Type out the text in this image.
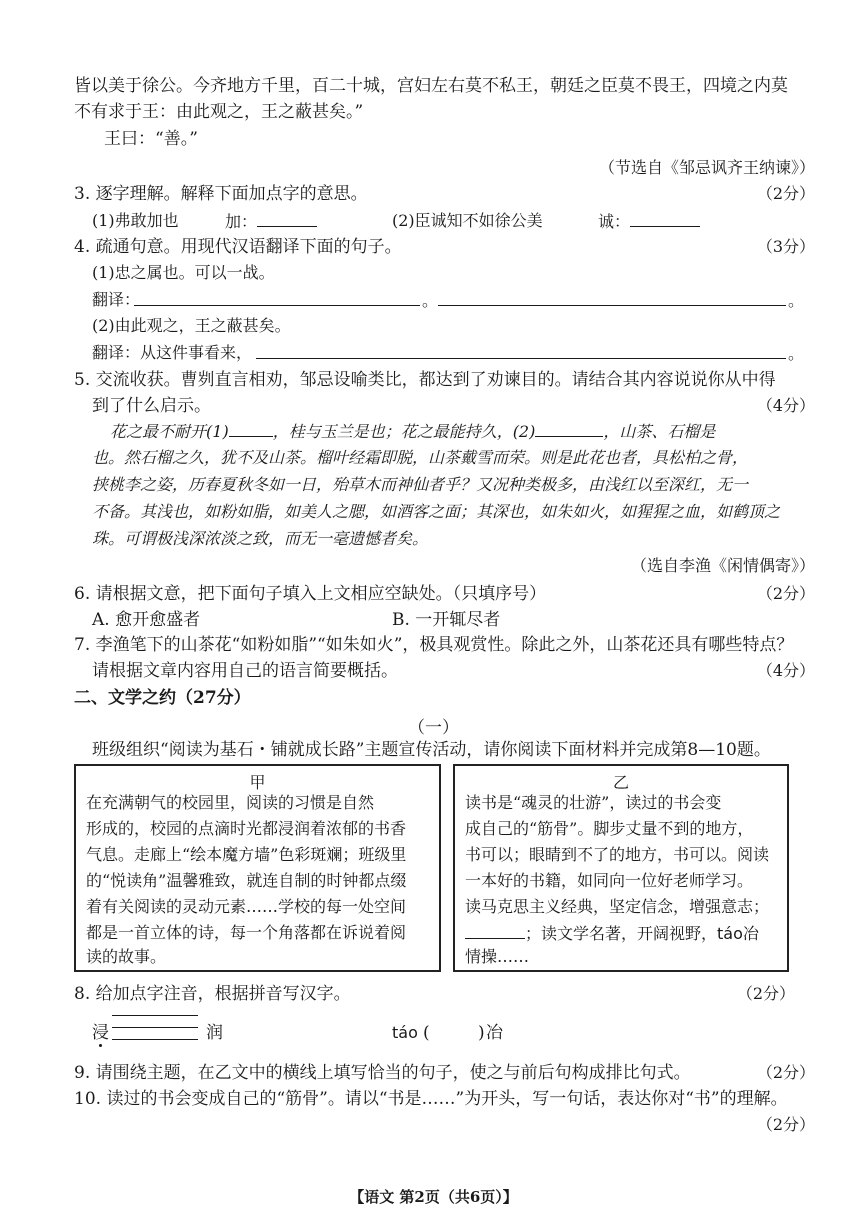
皆以美于徐公。今齐地方千里，百二十城，宫妇左右莫不私王，朝廷之臣莫不畏王，四境之内莫
不有求于王：由此观之，王之蔽甚矣。”
王曰：“善。”
（节选自《邹忌讽齐王纳谏》）
3. 逐字理解。解释下面加点字的意思。	（2分）
(1)弗敢加也	加：	(2)臣诚知不如徐公美	诚：
4. 疏通句意。用现代汉语翻译下面的句子。	（3分）
(1)忠之属也。可以一战。
翻译：	。	。
(2)由此观之，王之蔽甚矣。
翻译：从这件事看来，	。
5. 交流收获。曹刿直言相劝，邹忌设喻类比，都达到了劝谏目的。请结合其内容说说你从中得
到了什么启示。	（4分）
花之最不耐开(1)	，桂与玉兰是也；花之最能持久，(2)	，山茶、石榴是
也。然石榴之久，犹不及山茶。榴叶经霜即脱，山茶戴雪而荣。则是此花也者，具松柏之骨，
挟桃李之姿，历春夏秋冬如一日，殆草木而神仙者乎？又况种类极多，由浅红以至深红，无一
不备。其浅也，如粉如脂，如美人之腮，如酒客之面；其深也，如朱如火，如猩猩之血，如鹤顶之
珠。可谓极浅深浓淡之致，而无一毫遗憾者矣。
（选自李渔《闲情偶寄》）
6. 请根据文意，把下面句子填入上文相应空缺处。（只填序号）	（2分）
A. 愈开愈盛者	B. 一开辄尽者
7. 李渔笔下的山茶花“如粉如脂”“如朱如火”，极具观赏性。除此之外，山茶花还具有哪些特点？
请根据文章内容用自己的语言简要概括。	（4分）
二、文学之约（27分）
（一）
班级组织“阅读为基石・铺就成长路”主题宣传活动，请你阅读下面材料并完成第8—10题。
甲
在充满朝气的校园里，阅读的习惯是自然
形成的，校园的点滴时光都浸润着浓郁的书香
气息。走廊上“绘本魔方墙”色彩斑斓；班级里
的“悦读角”温馨雅致，就连自制的时钟都点缀
着有关阅读的灵动元素……学校的每一处空间
都是一首立体的诗，每一个角落都在诉说着阅
读的故事。
乙
读书是“魂灵的壮游”，读过的书会变
成自己的“筋骨”。脚步丈量不到的地方，
书可以；眼睛到不了的地方，书可以。阅读
一本好的书籍，如同向一位好老师学习。
读马克思主义经典，坚定信念，增强意志；
；读文学名著，开阔视野，táo冶
情操……
8. 给加点字注音，根据拼音写汉字。	（2分）
浸	润	táo (	) 冶
9. 请围绕主题，在乙文中的横线上填写恰当的句子，使之与前后句构成排比句式。	（2分）
10. 读过的书会变成自己的“筋骨”。请以“书是……”为开头，写一句话，表达你对“书”的理解。
（2分）
【语文 第2页（共6页）】
